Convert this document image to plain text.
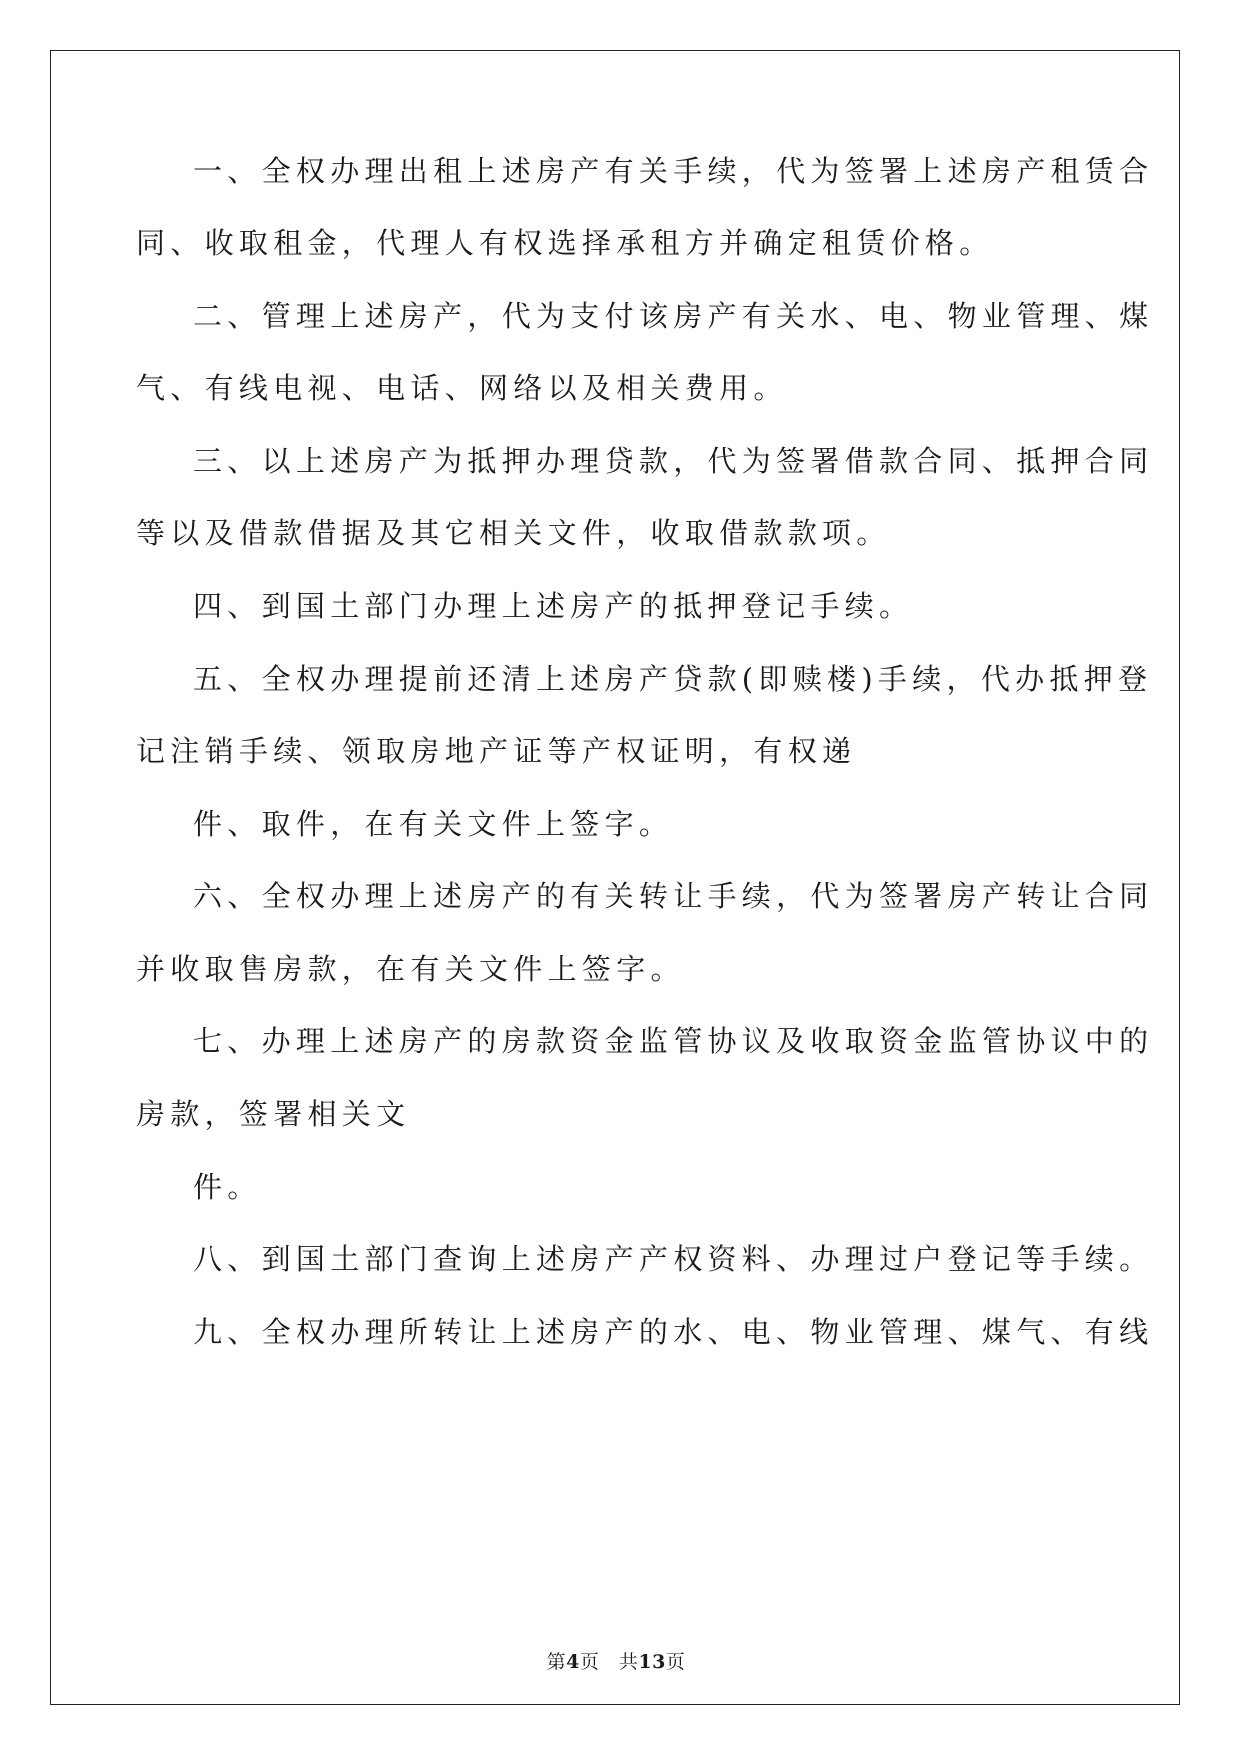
一、全权办理出租上述房产有关手续，代为签署上述房产租赁合
同、收取租金，代理人有权选择承租方并确定租赁价格。
二、管理上述房产，代为支付该房产有关水、电、物业管理、煤
气、有线电视、电话、网络以及相关费用。
三、以上述房产为抵押办理贷款，代为签署借款合同、抵押合同
等以及借款借据及其它相关文件，收取借款款项。
四、到国土部门办理上述房产的抵押登记手续。
五、全权办理提前还清上述房产贷款(即赎楼)手续，代办抵押登
记注销手续、领取房地产证等产权证明，有权递
件、取件，在有关文件上签字。
六、全权办理上述房产的有关转让手续，代为签署房产转让合同
并收取售房款，在有关文件上签字。
七、办理上述房产的房款资金监管协议及收取资金监管协议中的
房款，签署相关文
件。
八、到国土部门查询上述房产产权资料、办理过户登记等手续。
九、全权办理所转让上述房产的水、电、物业管理、煤气、有线
第4页　共13页
